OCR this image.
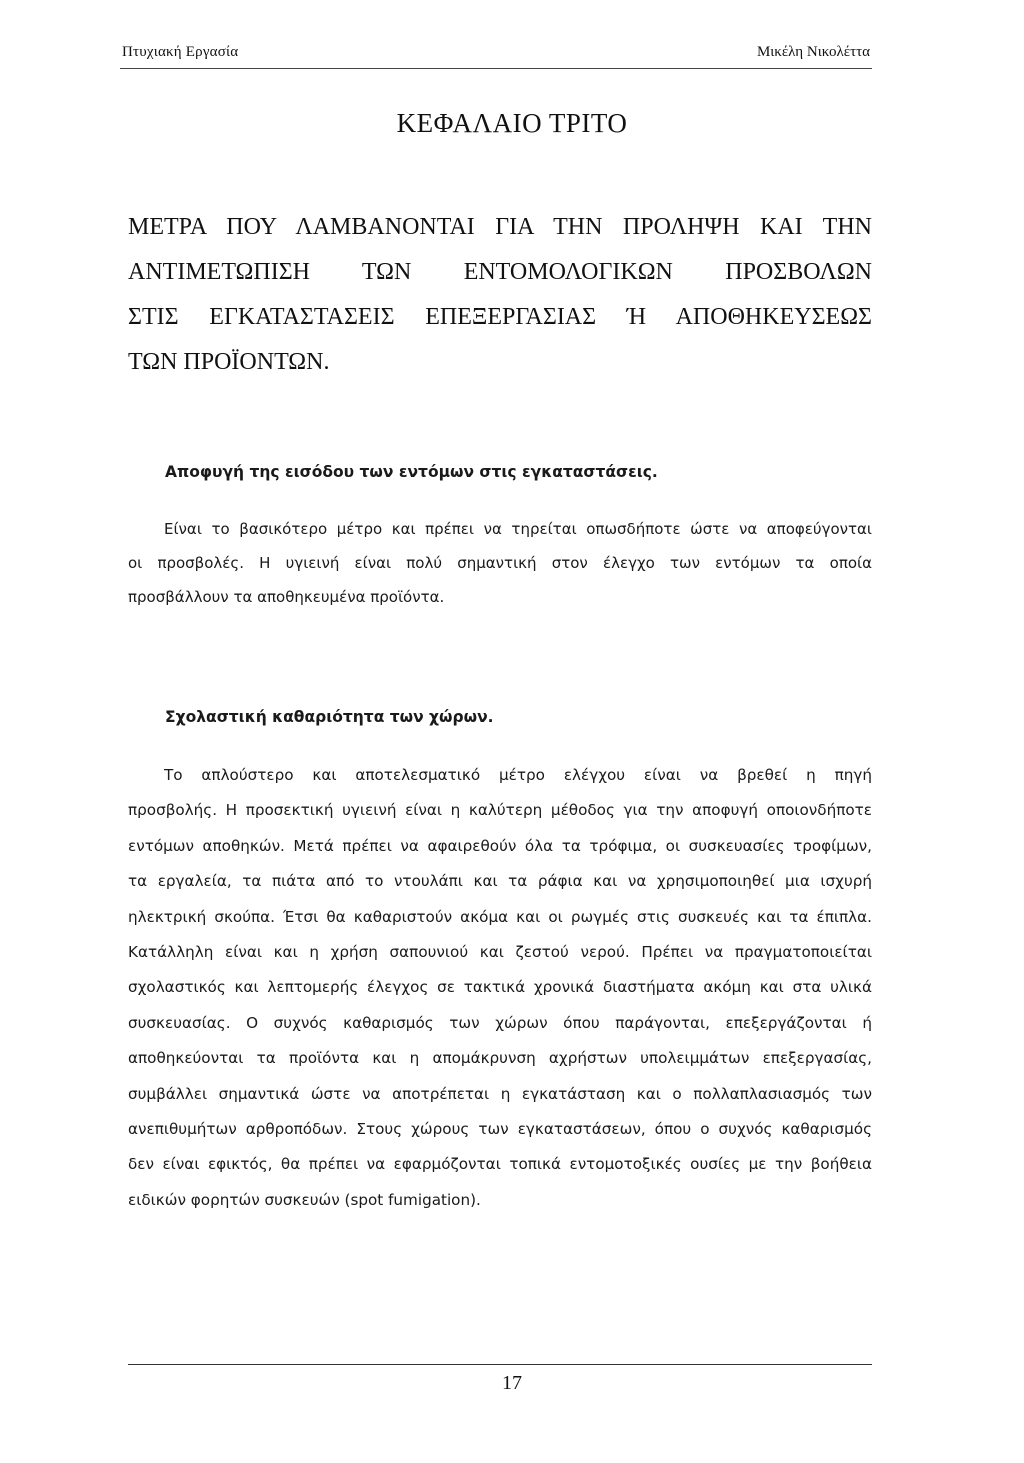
Πτυχιακή Εργασία	Μικέλη Νικολέττα
ΚΕΦΑΛΑΙΟ ΤΡΙΤΟ
ΜΕΤΡΑ ΠΟΥ ΛΑΜΒΑΝΟΝΤΑΙ ΓΙΑ ΤΗΝ ΠΡΟΛΗΨΗ ΚΑΙ ΤΗΝ
ΑΝΤΙΜΕΤΩΠΙΣΗ ΤΩΝ ΕΝΤΟΜΟΛΟΓΙΚΩΝ ΠΡΟΣΒΟΛΩΝ
ΣΤΙΣ ΕΓΚΑΤΑΣΤΑΣΕΙΣ ΕΠΕΞΕΡΓΑΣΙΑΣ Ή ΑΠΟΘΗΚΕΥΣΕΩΣ
ΤΩΝ ΠΡΟΪΟΝΤΩΝ.
Αποφυγή της εισόδου των εντόμων στις εγκαταστάσεις.
Είναι το βασικότερο μέτρο και πρέπει να τηρείται οπωσδήποτε ώστε να αποφεύγονται
οι προσβολές. Η υγιεινή είναι πολύ σημαντική στον έλεγχο των εντόμων τα οποία
προσβάλλουν τα αποθηκευμένα προϊόντα.
Σχολαστική καθαριότητα των χώρων.
Το απλούστερο και αποτελεσματικό μέτρο ελέγχου είναι να βρεθεί η πηγή
προσβολής. Η προσεκτική υγιεινή είναι η καλύτερη μέθοδος για την αποφυγή οποιονδήποτε
εντόμων αποθηκών. Μετά πρέπει να αφαιρεθούν όλα τα τρόφιμα, οι συσκευασίες τροφίμων,
τα εργαλεία, τα πιάτα από το ντουλάπι και τα ράφια και να χρησιμοποιηθεί μια ισχυρή
ηλεκτρική σκούπα. Έτσι θα καθαριστούν ακόμα και οι ρωγμές στις συσκευές και τα έπιπλα.
Κατάλληλη είναι και η χρήση σαπουνιού και ζεστού νερού. Πρέπει να πραγματοποιείται
σχολαστικός και λεπτομερής έλεγχος σε τακτικά χρονικά διαστήματα ακόμη και στα υλικά
συσκευασίας. Ο συχνός καθαρισμός των χώρων όπου παράγονται, επεξεργάζονται ή
αποθηκεύονται τα προϊόντα και η απομάκρυνση αχρήστων υπολειμμάτων επεξεργασίας,
συμβάλλει σημαντικά ώστε να αποτρέπεται η εγκατάσταση και ο πολλαπλασιασμός των
ανεπιθυμήτων αρθροπόδων. Στους χώρους των εγκαταστάσεων, όπου ο συχνός καθαρισμός
δεν είναι εφικτός, θα πρέπει να εφαρμόζονται τοπικά εντομοτοξικές ουσίες με την βοήθεια
ειδικών φορητών συσκευών (spot fumigation).
17
